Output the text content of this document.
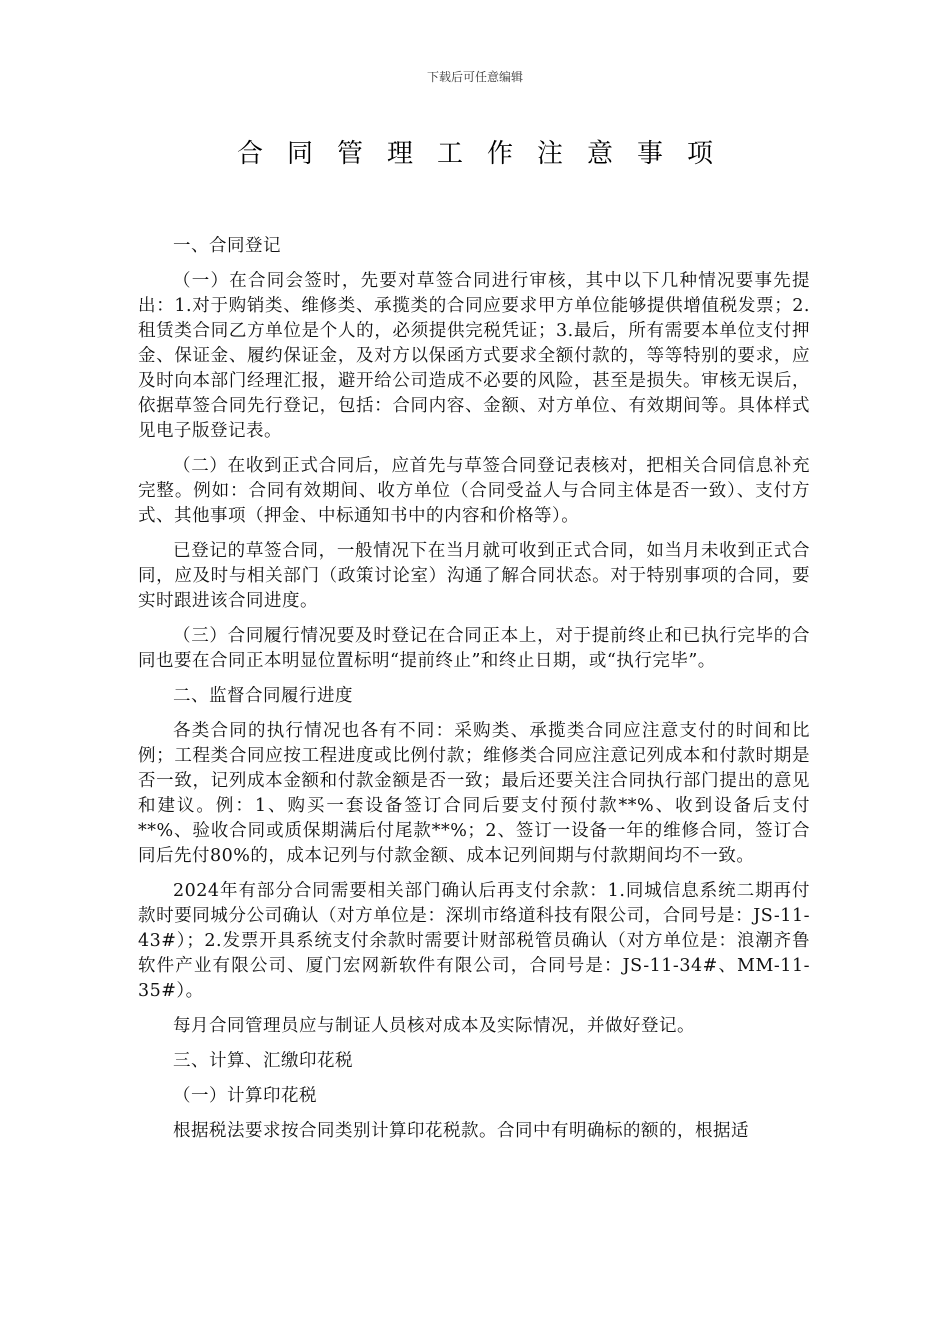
下载后可任意编辑
合同管理工作注意事项

一、合同登记

（一）在合同会签时，先要对草签合同进行审核，其中以下几种情况要事先提出：1.对于购销类、维修类、承揽类的合同应要求甲方单位能够提供增值税发票；2.租赁类合同乙方单位是个人的，必须提供完税凭证；3.最后，所有需要本单位支付押金、保证金、履约保证金，及对方以保函方式要求全额付款的，等等特别的要求，应及时向本部门经理汇报，避开给公司造成不必要的风险，甚至是损失。审核无误后，依据草签合同先行登记，包括：合同内容、金额、对方单位、有效期间等。具体样式见电子版登记表。

（二）在收到正式合同后，应首先与草签合同登记表核对，把相关合同信息补充完整。例如：合同有效期间、收方单位（合同受益人与合同主体是否一致）、支付方式、其他事项（押金、中标通知书中的内容和价格等）。

已登记的草签合同，一般情况下在当月就可收到正式合同，如当月未收到正式合同，应及时与相关部门（政策讨论室）沟通了解合同状态。对于特别事项的合同，要实时跟进该合同进度。

（三）合同履行情况要及时登记在合同正本上，对于提前终止和已执行完毕的合同也要在合同正本明显位置标明“提前终止”和终止日期，或“执行完毕”。

二、监督合同履行进度

各类合同的执行情况也各有不同：采购类、承揽类合同应注意支付的时间和比例；工程类合同应按工程进度或比例付款；维修类合同应注意记列成本和付款时期是否一致，记列成本金额和付款金额是否一致；最后还要关注合同执行部门提出的意见和建议。例：1、购买一套设备签订合同后要支付预付款**%、收到设备后支付**%、验收合同或质保期满后付尾款**%；2、签订一设备一年的维修合同，签订合同后先付80%的，成本记列与付款金额、成本记列间期与付款期间均不一致。

2024年有部分合同需要相关部门确认后再支付余款：1.同城信息系统二期再付款时要同城分公司确认（对方单位是：深圳市络道科技有限公司，合同号是：JS-11-43#）；2.发票开具系统支付余款时需要计财部税管员确认（对方单位是：浪潮齐鲁软件产业有限公司、厦门宏网新软件有限公司，合同号是：JS-11-34#、MM-11-35#）。

每月合同管理员应与制证人员核对成本及实际情况，并做好登记。

三、计算、汇缴印花税

（一）计算印花税

根据税法要求按合同类别计算印花税款。合同中有明确标的额的，根据适
